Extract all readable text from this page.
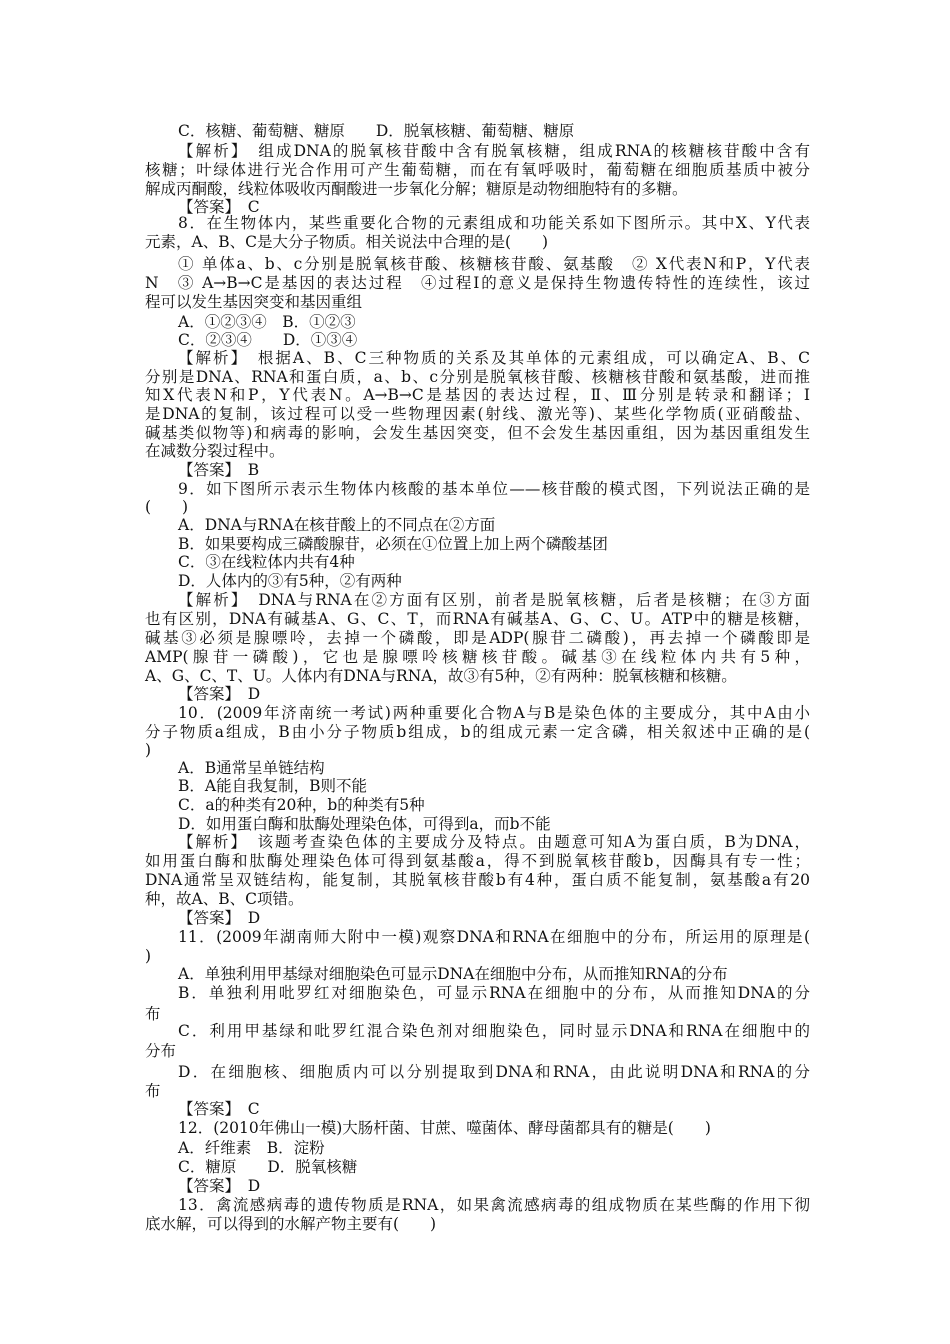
C．核糖、葡萄糖、糖原　　D．脱氧核糖、葡萄糖、糖原
【解析】　组成DNA的脱氧核苷酸中含有脱氧核糖，组成RNA的核糖核苷酸中含有
核糖；叶绿体进行光合作用可产生葡萄糖，而在有氧呼吸时，葡萄糖在细胞质基质中被分
解成丙酮酸，线粒体吸收丙酮酸进一步氧化分解；糖原是动物细胞特有的多糖。
【答案】　C
8．在生物体内，某些重要化合物的元素组成和功能关系如下图所示。其中X、Y代表
元素，A、B、C是大分子物质。相关说法中合理的是(　　)
① 单体a、b、c分别是脱氧核苷酸、核糖核苷酸、氨基酸　② X代表N和P，Y代表
N　③ A→B→C是基因的表达过程　④过程Ⅰ的意义是保持生物遗传特性的连续性，该过
程可以发生基因突变和基因重组
A．①②③④　B．①②③
C．②③④　　D．①③④
【解析】　根据A、B、C三种物质的关系及其单体的元素组成，可以确定A、B、C
分别是DNA、RNA和蛋白质，a、b、c分别是脱氧核苷酸、核糖核苷酸和氨基酸，进而推
知X代表N和P，Y代表N。A→B→C是基因的表达过程，Ⅱ、Ⅲ分别是转录和翻译；Ⅰ
是DNA的复制，该过程可以受一些物理因素(射线、激光等)、某些化学物质(亚硝酸盐、
碱基类似物等)和病毒的影响，会发生基因突变，但不会发生基因重组，因为基因重组发生
在减数分裂过程中。
【答案】　B
9．如下图所示表示生物体内核酸的基本单位——核苷酸的模式图，下列说法正确的是
(　　)
A．DNA与RNA在核苷酸上的不同点在②方面
B．如果要构成三磷酸腺苷，必须在①位置上加上两个磷酸基团
C．③在线粒体内共有4种
D．人体内的③有5种，②有两种
【解析】　DNA与RNA在②方面有区别，前者是脱氧核糖，后者是核糖；在③方面
也有区别，DNA有碱基A、G、C、T，而RNA有碱基A、G、C、U。ATP中的糖是核糖，
碱基③必须是腺嘌呤，去掉一个磷酸，即是ADP(腺苷二磷酸)，再去掉一个磷酸即是
AMP(腺苷一磷酸)，它也是腺嘌呤核糖核苷酸。碱基③在线粒体内共有5种，
A、G、C、T、U。人体内有DNA与RNA，故③有5种，②有两种：脱氧核糖和核糖。
【答案】　D
10．(2009年济南统一考试)两种重要化合物A与B是染色体的主要成分，其中A由小
分子物质a组成，B由小分子物质b组成，b的组成元素一定含磷，相关叙述中正确的是(
)
A．B通常呈单链结构
B．A能自我复制，B则不能
C．a的种类有20种，b的种类有5种
D．如用蛋白酶和肽酶处理染色体，可得到a，而b不能
【解析】　该题考查染色体的主要成分及特点。由题意可知A为蛋白质，B为DNA，
如用蛋白酶和肽酶处理染色体可得到氨基酸a，得不到脱氧核苷酸b，因酶具有专一性；
DNA通常呈双链结构，能复制，其脱氧核苷酸b有4种，蛋白质不能复制，氨基酸a有20
种，故A、B、C项错。
【答案】　D
11．(2009年湖南师大附中一模)观察DNA和RNA在细胞中的分布，所运用的原理是(
)
A．单独利用甲基绿对细胞染色可显示DNA在细胞中分布，从而推知RNA的分布
B．单独利用吡罗红对细胞染色，可显示RNA在细胞中的分布，从而推知DNA的分
布
C．利用甲基绿和吡罗红混合染色剂对细胞染色，同时显示DNA和RNA在细胞中的
分布
D．在细胞核、细胞质内可以分别提取到DNA和RNA，由此说明DNA和RNA的分
布
【答案】　C
12．(2010年佛山一模)大肠杆菌、甘蔗、噬菌体、酵母菌都具有的糖是(　　)
A．纤维素　B．淀粉
C．糖原　　D．脱氧核糖
【答案】　D
13．禽流感病毒的遗传物质是RNA，如果禽流感病毒的组成物质在某些酶的作用下彻
底水解，可以得到的水解产物主要有(　　)
